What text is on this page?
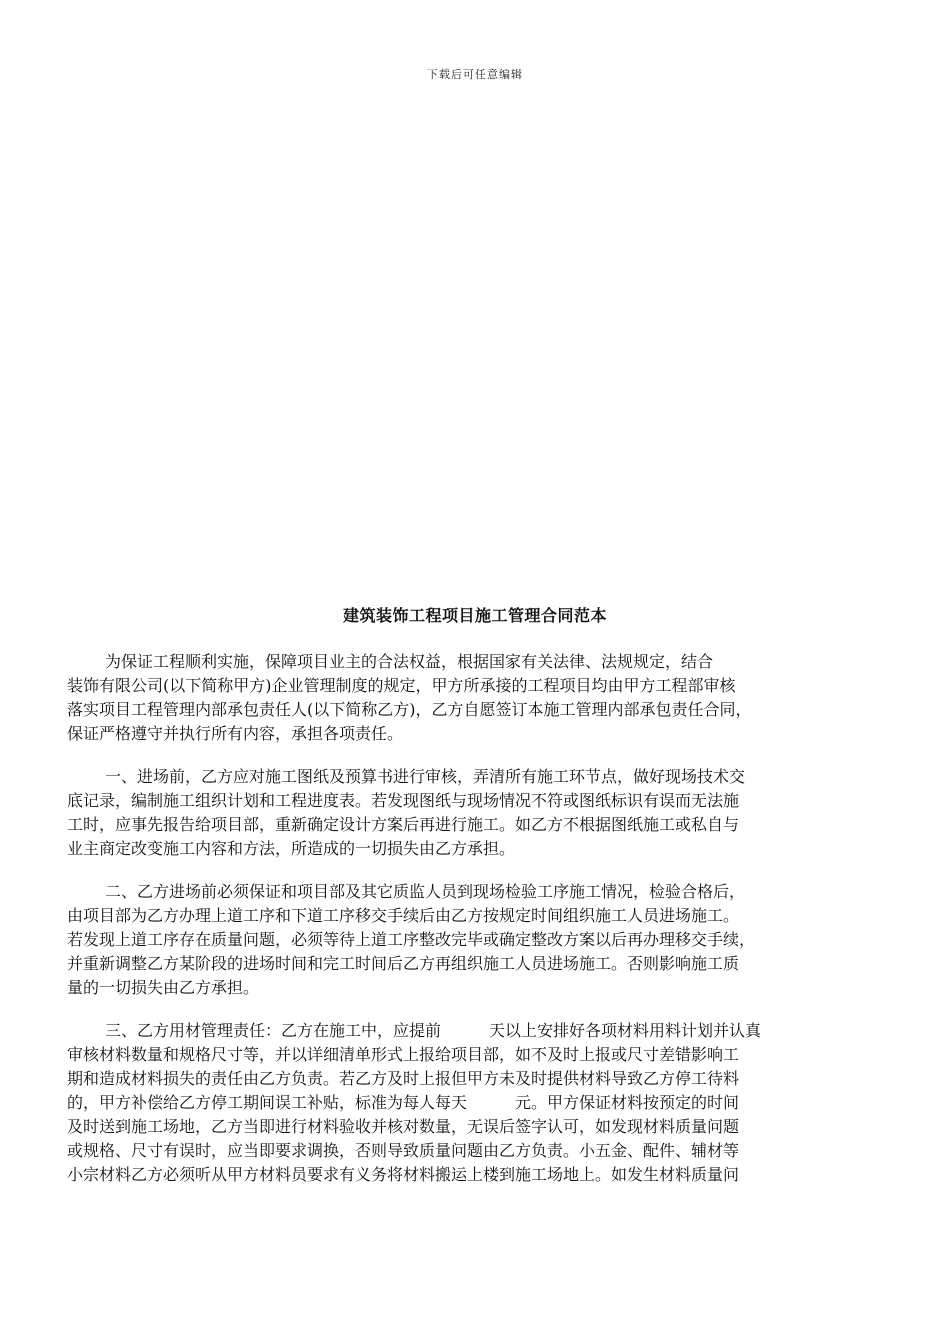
下载后可任意编辑
建筑装饰工程项目施工管理合同范本

为保证工程顺利实施，保障项目业主的合法权益，根据国家有关法律、法规规定，结合
装饰有限公司(以下简称甲方)企业管理制度的规定，甲方所承接的工程项目均由甲方工程部审核
落实项目工程管理内部承包责任人(以下简称乙方)，乙方自愿签订本施工管理内部承包责任合同，
保证严格遵守并执行所有内容，承担各项责任。

一、进场前，乙方应对施工图纸及预算书进行审核，弄清所有施工环节点，做好现场技术交
底记录，编制施工组织计划和工程进度表。若发现图纸与现场情况不符或图纸标识有误而无法施
工时，应事先报告给项目部，重新确定设计方案后再进行施工。如乙方不根据图纸施工或私自与
业主商定改变施工内容和方法，所造成的一切损失由乙方承担。

二、乙方进场前必须保证和项目部及其它质监人员到现场检验工序施工情况，检验合格后，
由项目部为乙方办理上道工序和下道工序移交手续后由乙方按规定时间组织施工人员进场施工。
若发现上道工序存在质量问题，必须等待上道工序整改完毕或确定整改方案以后再办理移交手续，
并重新调整乙方某阶段的进场时间和完工时间后乙方再组织施工人员进场施工。否则影响施工质
量的一切损失由乙方承担。

三、乙方用材管理责任：乙方在施工中，应提前　　　天以上安排好各项材料用料计划并认真
审核材料数量和规格尺寸等，并以详细清单形式上报给项目部，如不及时上报或尺寸差错影响工
期和造成材料损失的责任由乙方负责。若乙方及时上报但甲方未及时提供材料导致乙方停工待料
的，甲方补偿给乙方停工期间误工补贴，标准为每人每天　　　元。甲方保证材料按预定的时间
及时送到施工场地，乙方当即进行材料验收并核对数量，无误后签字认可，如发现材料质量问题
或规格、尺寸有误时，应当即要求调换，否则导致质量问题由乙方负责。小五金、配件、辅材等
小宗材料乙方必须听从甲方材料员要求有义务将材料搬运上楼到施工场地上。如发生材料质量问
